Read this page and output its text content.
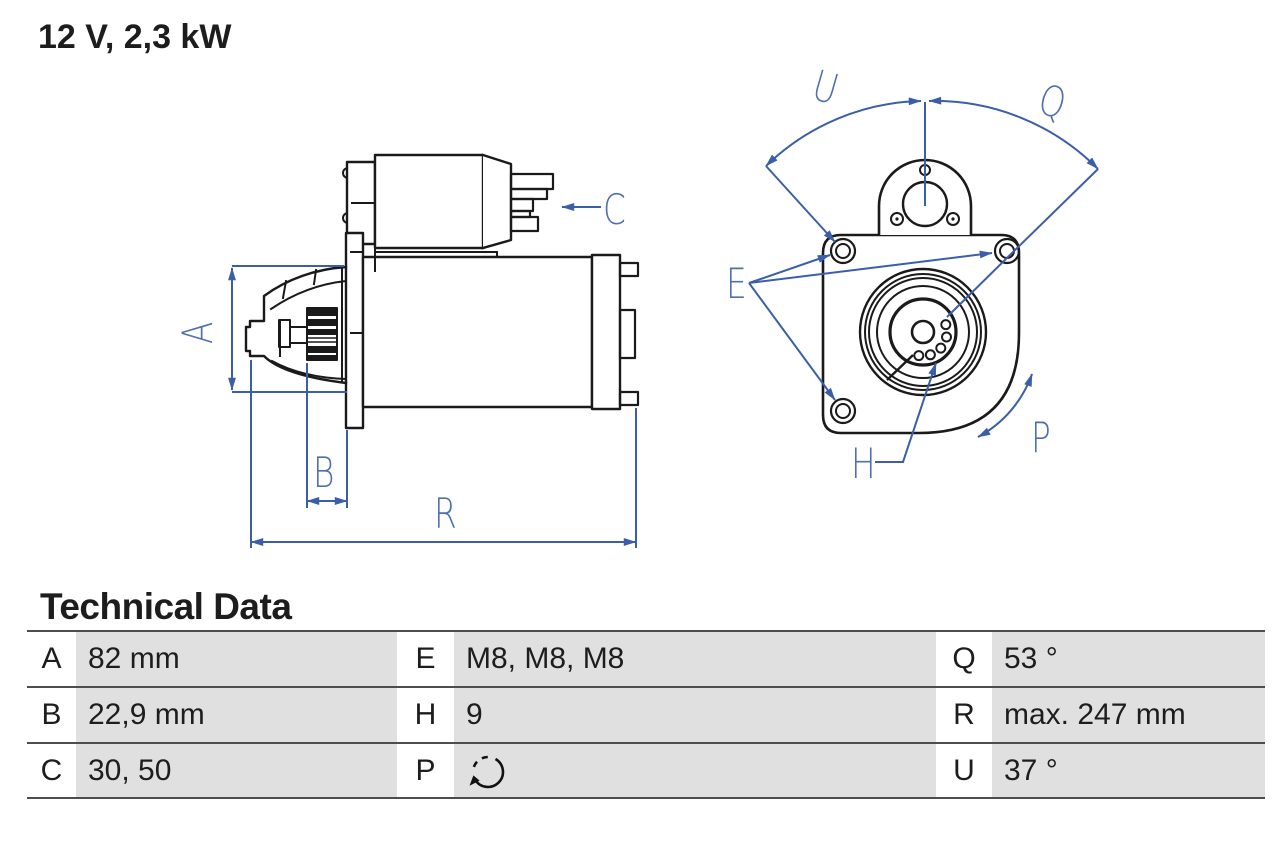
12 V, 2,3 kW
A
B
C
R
U	Q
E
H
P
Technical Data
A 82 mm	E	M8, M8, M8	Q 53 °
B 22,9 mm	H 9	R max. 247 mm
C 30, 50	P	U 37 °
